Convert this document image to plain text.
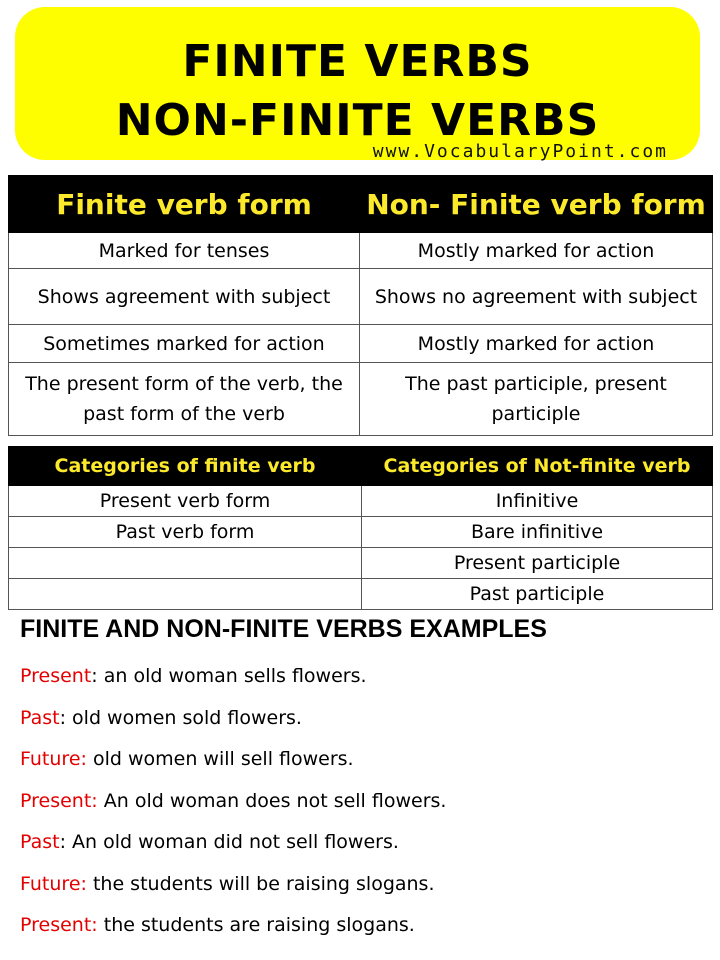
FINITE VERBS
NON-FINITE VERBS
www.VocabularyPoint.com
Finite verb form	Non- Finite verb form
Marked for tenses	Mostly marked for action
Shows agreement with subject	Shows no agreement with subject
Sometimes marked for action	Mostly marked for action
The present form of the verb, the past form of the verb	The past participle, present participle
Categories of finite verb	Categories of Not-finite verb
Present verb form	Infinitive
Past verb form	Bare infinitive
	Present participle
	Past participle
FINITE AND NON-FINITE VERBS EXAMPLES
Present: an old woman sells flowers.
Past: old women sold flowers.
Future: old women will sell flowers.
Present: An old woman does not sell flowers.
Past: An old woman did not sell flowers.
Future: the students will be raising slogans.
Present: the students are raising slogans.
